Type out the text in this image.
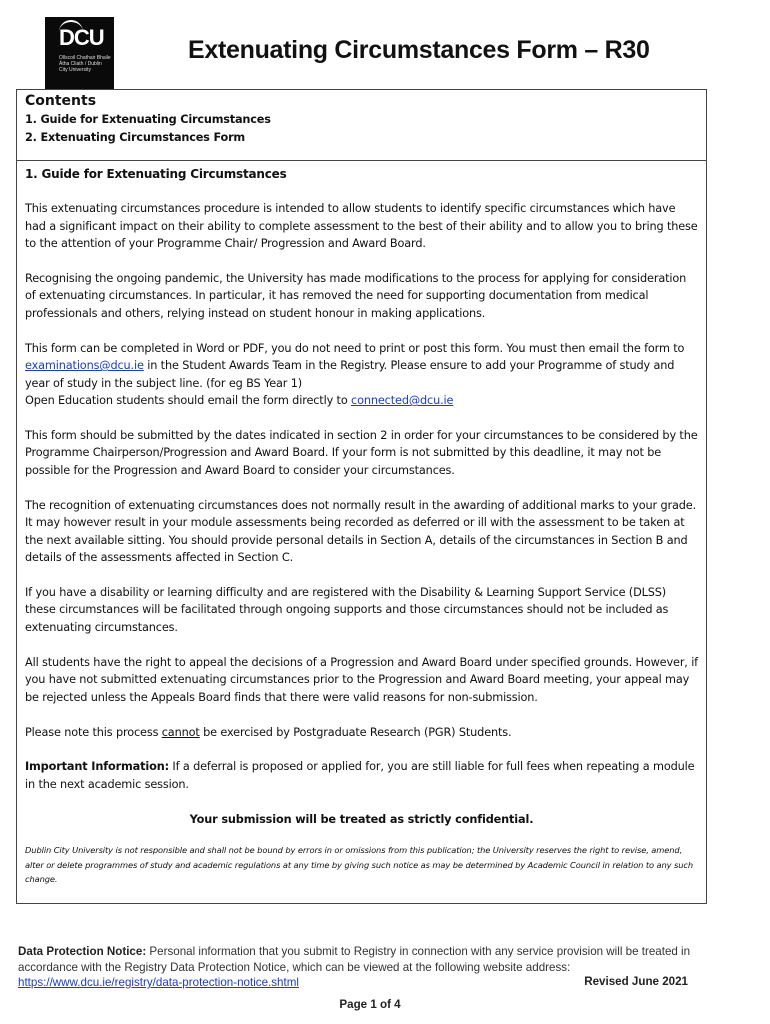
DCU
Ollscoil Chathair Bhaile Átha Cliath / Dublin City University
Extenuating Circumstances Form – R30
Contents
1. Guide for Extenuating Circumstances
2. Extenuating Circumstances Form
1. Guide for Extenuating Circumstances

This extenuating circumstances procedure is intended to allow students to identify specific circumstances which have had a significant impact on their ability to complete assessment to the best of their ability and to allow you to bring these to the attention of your Programme Chair/ Progression and Award Board.

Recognising the ongoing pandemic, the University has made modifications to the process for applying for consideration of extenuating circumstances. In particular, it has removed the need for supporting documentation from medical professionals and others, relying instead on student honour in making applications.

This form can be completed in Word or PDF, you do not need to print or post this form. You must then email the form to examinations@dcu.ie in the Student Awards Team in the Registry. Please ensure to add your Programme of study and year of study in the subject line. (for eg BS Year 1)
Open Education students should email the form directly to connected@dcu.ie

This form should be submitted by the dates indicated in section 2 in order for your circumstances to be considered by the Programme Chairperson/Progression and Award Board. If your form is not submitted by this deadline, it may not be possible for the Progression and Award Board to consider your circumstances.

The recognition of extenuating circumstances does not normally result in the awarding of additional marks to your grade. It may however result in your module assessments being recorded as deferred or ill with the assessment to be taken at the next available sitting. You should provide personal details in Section A, details of the circumstances in Section B and details of the assessments affected in Section C.

If you have a disability or learning difficulty and are registered with the Disability & Learning Support Service (DLSS) these circumstances will be facilitated through ongoing supports and those circumstances should not be included as extenuating circumstances.

All students have the right to appeal the decisions of a Progression and Award Board under specified grounds. However, if you have not submitted extenuating circumstances prior to the Progression and Award Board meeting, your appeal may be rejected unless the Appeals Board finds that there were valid reasons for non-submission.

Please note this process cannot be exercised by Postgraduate Research (PGR) Students.

Important Information: If a deferral is proposed or applied for, you are still liable for full fees when repeating a module in the next academic session.

Your submission will be treated as strictly confidential.

Dublin City University is not responsible and shall not be bound by errors in or omissions from this publication; the University reserves the right to revise, amend, alter or delete programmes of study and academic regulations at any time by giving such notice as may be determined by Academic Council in relation to any such change.

Data Protection Notice: Personal information that you submit to Registry in connection with any service provision will be treated in accordance with the Registry Data Protection Notice, which can be viewed at the following website address: https://www.dcu.ie/registry/data-protection-notice.shtml	Revised June 2021
Page 1 of 4
